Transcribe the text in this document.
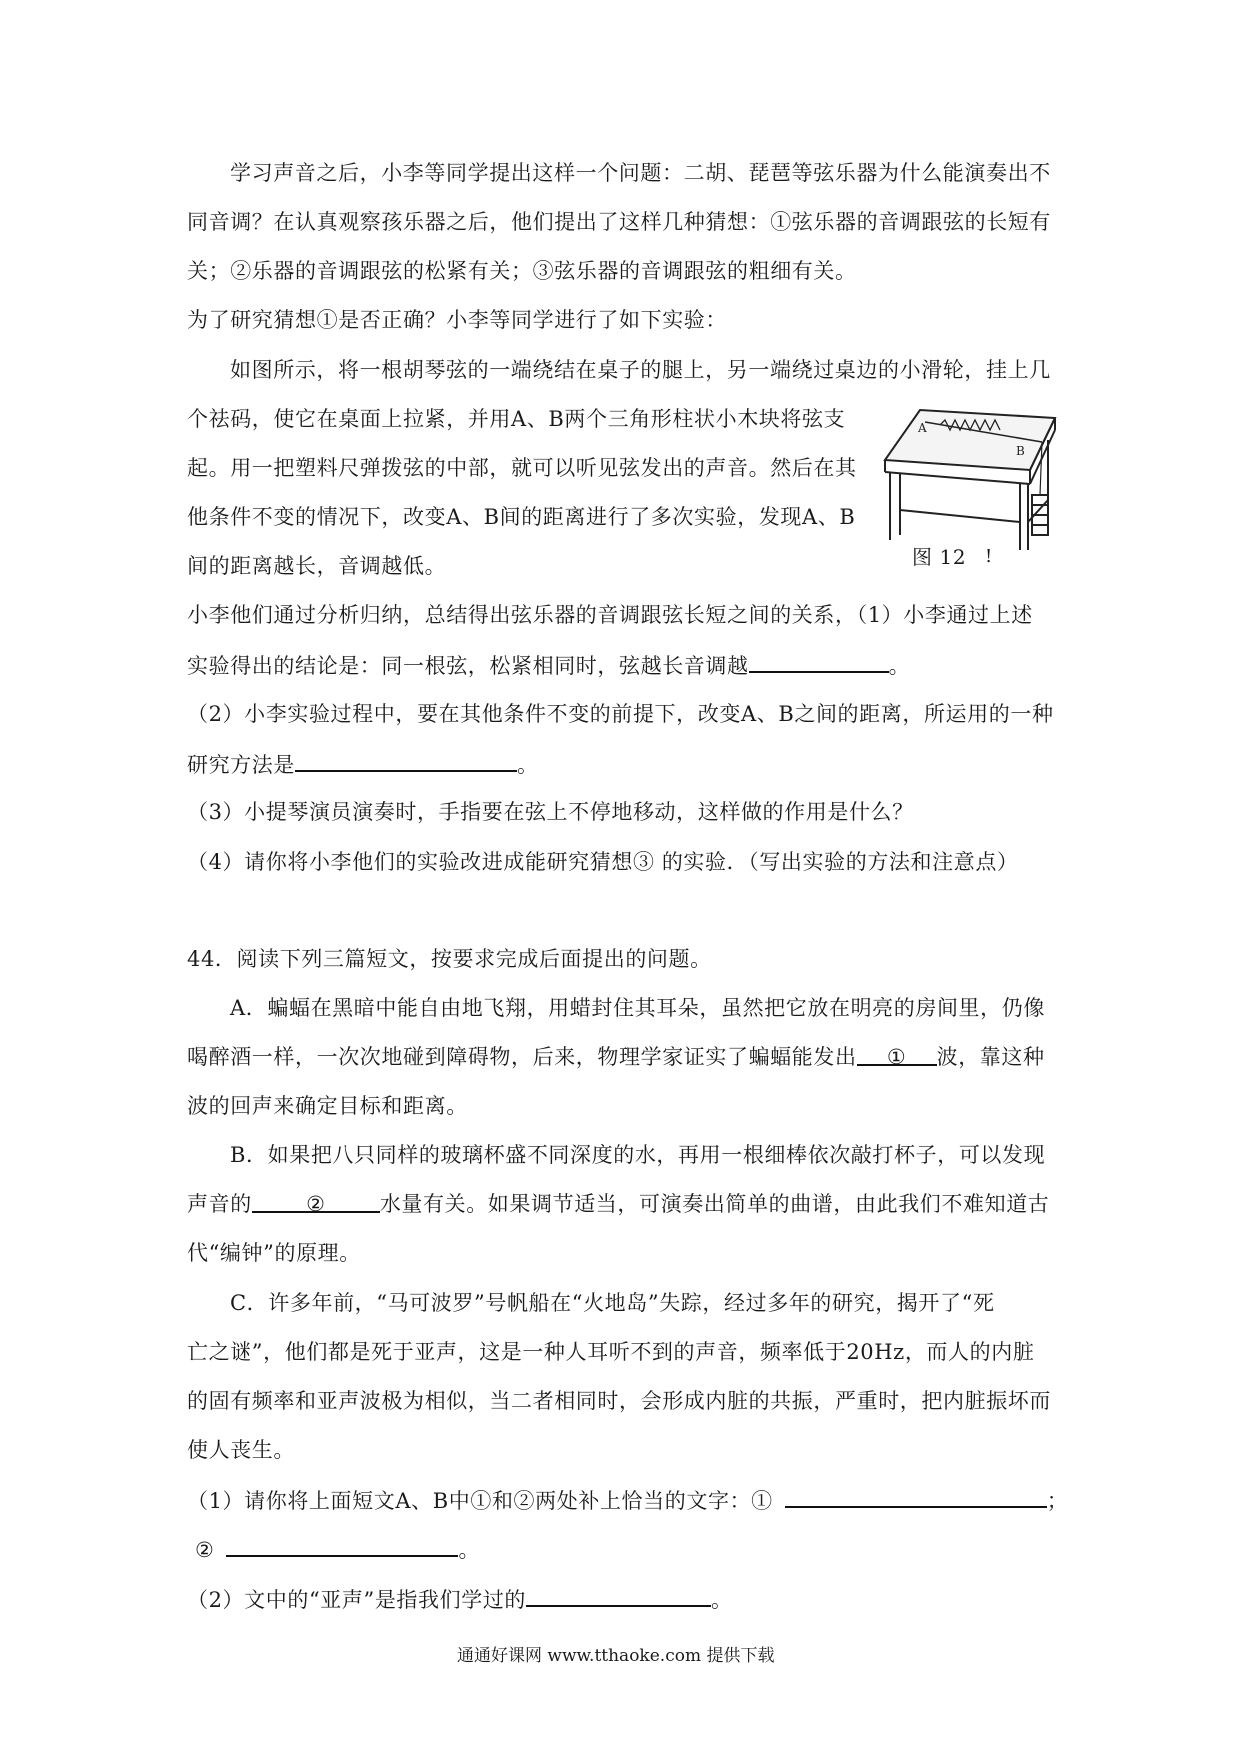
学习声音之后，小李等同学提出这样一个问题：二胡、琵琶等弦乐器为什么能演奏出不
同音调？在认真观察孩乐器之后，他们提出了这样几种猜想：①弦乐器的音调跟弦的长短有
关；②乐器的音调跟弦的松紧有关；③弦乐器的音调跟弦的粗细有关。
为了研究猜想①是否正确？小李等同学进行了如下实验：
如图所示，将一根胡琴弦的一端绕结在桌子的腿上，另一端绕过桌边的小滑轮，挂上几
个祛码，使它在桌面上拉紧，并用A、B两个三角形柱状小木块将弦支
起。用一把塑料尺弹拨弦的中部，就可以听见弦发出的声音。然后在其
他条件不变的情况下，改变A、B间的距离进行了多次实验，发现A、B
间的距离越长，音调越低。
A
B
图 12 !
小李他们通过分析归纳，总结得出弦乐器的音调跟弦长短之间的关系，（1）小李通过上述
实验得出的结论是：同一根弦，松紧相同时，弦越长音调越	。
（2）小李实验过程中，要在其他条件不变的前提下，改变A、B之间的距离，所运用的一种
研究方法是	。
（3）小提琴演员演奏时，手指要在弦上不停地移动，这样做的作用是什么？
（4）请你将小李他们的实验改进成能研究猜想③ 的实验．（写出实验的方法和注意点）
44．阅读下列三篇短文，按要求完成后面提出的问题。
A．蝙蝠在黑暗中能自由地飞翔，用蜡封住其耳朵，虽然把它放在明亮的房间里，仍像
喝醉酒一样，一次次地碰到障碍物，后来，物理学家证实了蝙蝠能发出 ① 波，靠这种
波的回声来确定目标和距离。
B．如果把八只同样的玻璃杯盛不同深度的水，再用一根细棒依次敲打杯子，可以发现
声音的	②	水量有关。如果调节适当，可演奏出简单的曲谱，由此我们不难知道古
代“编钟”的原理。
C．许多年前，“马可波罗”号帆船在“火地岛”失踪，经过多年的研究，揭开了“死
亡之谜”，他们都是死于亚声，这是一种人耳听不到的声音，频率低于20Hz，而人的内脏
的固有频率和亚声波极为相似，当二者相同时，会形成内脏的共振，严重时，把内脏振坏而
使人丧生。
（1）请你将上面短文A、B中①和②两处补上恰当的文字：①	；
②	。
（2）文中的“亚声”是指我们学过的	。
通通好课网 www.tthaoke.com 提供下载
